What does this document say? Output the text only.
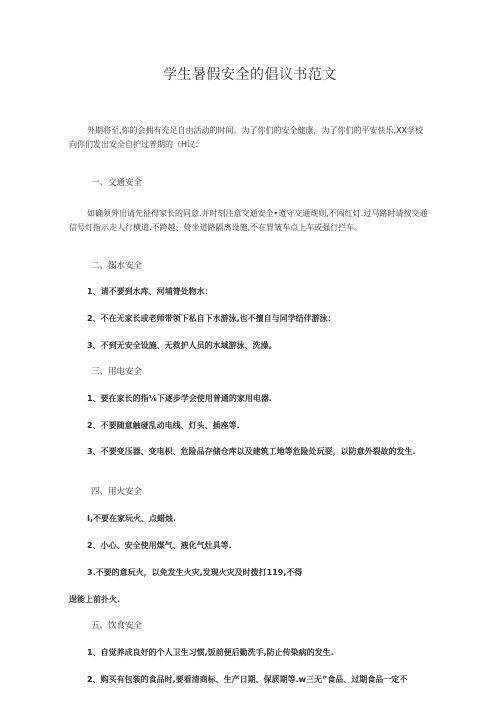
学生暑假安全的倡议书范文

外期将至,你的会拥有充足自由活动的时间。为了你们的安全健康，为了你们的平安快乐,XX学校向你们发出安全自护过普期的（H议：

一、交通安全

如确须外出请先征得家长的同意.并时刻注意交通安全•遵守交通规则,不闯红灯.过马路时请按交通信号灯指示走人行横道.不跨越、倚坐道路隔离设施,不在胃皱车点上车或强行拦车。

二、溺水安全

1、请不要到水库、河埔膂处物水：

2、不在无家长或老师带领下私自下水游泳,也不擅自与同学结伴游泳：

3、不到无安全设施、无救护人员的水域游泳、洗澡。

三、用电安全

1、要在家长的指⅛下逐步学会使用普通的家用电器.

2、不要随意触碰乱动电线、灯头、插座等.

3、不要变压器、变电枳、危险品存储仓库以及建筑工地等危险处玩耍，以防意外裂故的发生.

四、用火安全

I,不要在家玩火、点蜡烛.

2、小心、安全使用煤气、液化气灶具等.

3.不要的意玩火，以免发生火灾,发现火灾及时拨打119,不得

逞能上前扑火.

五、饮食安全

1、自觉养成良好的个人卫生习惯,饭前便后勤洗手,防止传染病的发生.

2、购买有包装的食品时,要看清商标、生产日期、保质期等.w三无”食品、过期食品一定不
